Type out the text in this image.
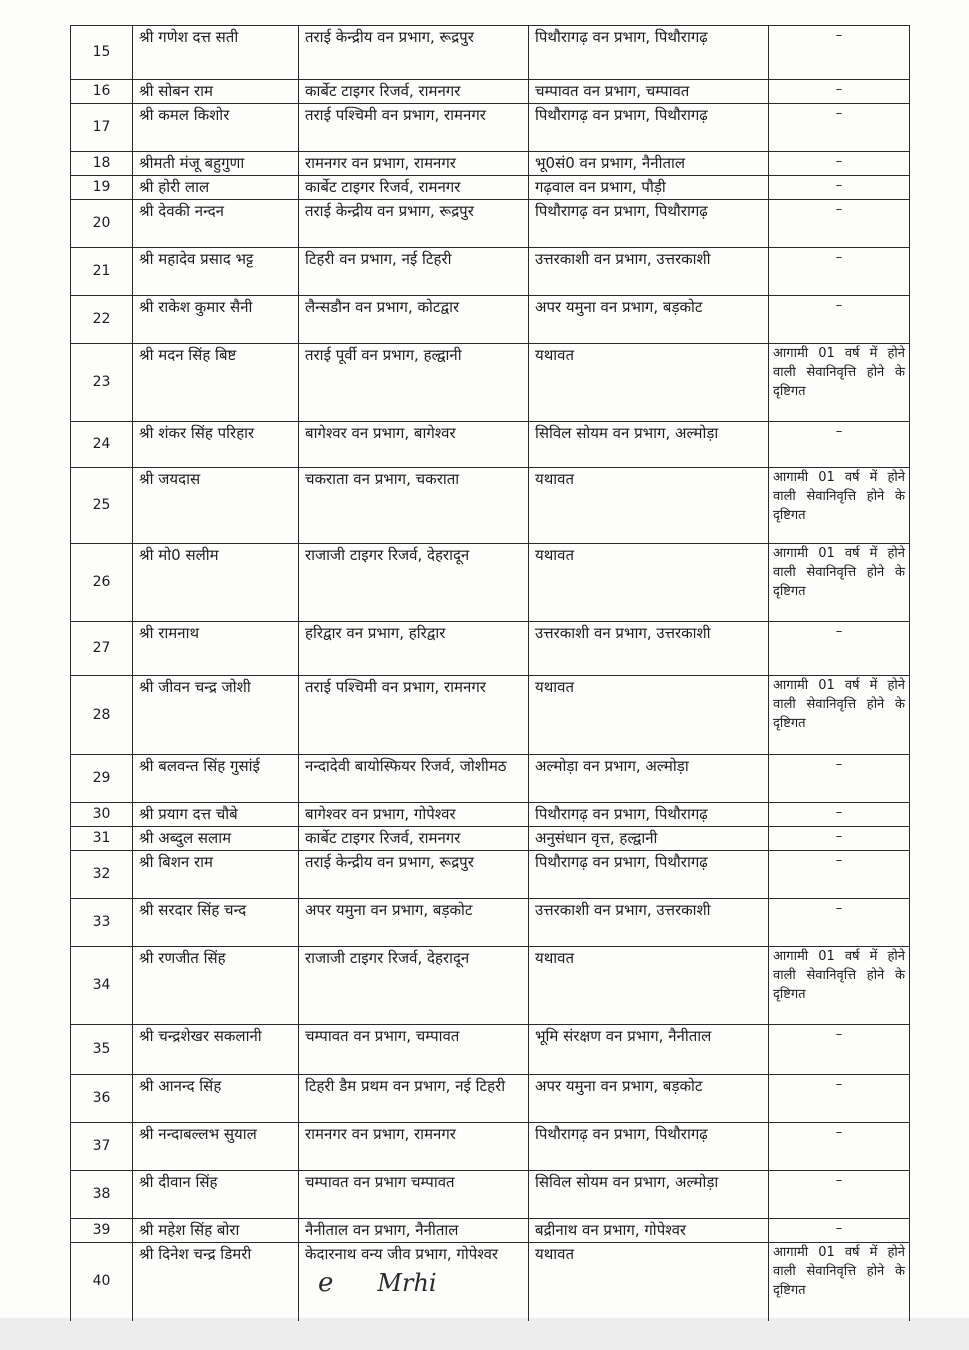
15	श्री गणेश दत्त सती	तराई केन्द्रीय वन प्रभाग, रूद्रपुर	पिथौरागढ़ वन प्रभाग, पिथौरागढ़	–
16	श्री सोबन राम	कार्बेट टाइगर रिजर्व, रामनगर	चम्पावत वन प्रभाग, चम्पावत	–
17	श्री कमल किशोर	तराई पश्चिमी वन प्रभाग, रामनगर	पिथौरागढ़ वन प्रभाग, पिथौरागढ़	–
18	श्रीमती मंजू बहुगुणा	रामनगर वन प्रभाग, रामनगर	भू0सं0 वन प्रभाग, नैनीताल	–
19	श्री होरी लाल	कार्बेट टाइगर रिजर्व, रामनगर	गढ़वाल वन प्रभाग, पौड़ी	–
20	श्री देवकी नन्दन	तराई केन्द्रीय वन प्रभाग, रूद्रपुर	पिथौरागढ़ वन प्रभाग, पिथौरागढ़	–
21	श्री महादेव प्रसाद भट्ट	टिहरी वन प्रभाग, नई टिहरी	उत्तरकाशी वन प्रभाग, उत्तरकाशी	–
22	श्री राकेश कुमार सैनी	लैन्सडौन वन प्रभाग, कोटद्वार	अपर यमुना वन प्रभाग, बड़कोट	–
23	श्री मदन सिंह बिष्ट	तराई पूर्वी वन प्रभाग, हल्द्वानी	यथावत	आगामी 01 वर्ष में होने वाली सेवानिवृत्ति होने के दृष्टिगत
24	श्री शंकर सिंह परिहार	बागेश्वर वन प्रभाग, बागेश्वर	सिविल सोयम वन प्रभाग, अल्मोड़ा	–
25	श्री जयदास	चकराता वन प्रभाग, चकराता	यथावत	आगामी 01 वर्ष में होने वाली सेवानिवृत्ति होने के दृष्टिगत
26	श्री मो0 सलीम	राजाजी टाइगर रिजर्व, देहरादून	यथावत	आगामी 01 वर्ष में होने वाली सेवानिवृत्ति होने के दृष्टिगत
27	श्री रामनाथ	हरिद्वार वन प्रभाग, हरिद्वार	उत्तरकाशी वन प्रभाग, उत्तरकाशी	–
28	श्री जीवन चन्द्र जोशी	तराई पश्चिमी वन प्रभाग, रामनगर	यथावत	आगामी 01 वर्ष में होने वाली सेवानिवृत्ति होने के दृष्टिगत
29	श्री बलवन्त सिंह गुसांई	नन्दादेवी बायोस्फियर रिजर्व, जोशीमठ	अल्मोड़ा वन प्रभाग, अल्मोड़ा	–
30	श्री प्रयाग दत्त चौबे	बागेश्वर वन प्रभाग, गोपेश्वर	पिथौरागढ़ वन प्रभाग, पिथौरागढ़	–
31	श्री अब्दुल सलाम	कार्बेट टाइगर रिजर्व, रामनगर	अनुसंधान वृत्त, हल्द्वानी	–
32	श्री बिशन राम	तराई केन्द्रीय वन प्रभाग, रूद्रपुर	पिथौरागढ़ वन प्रभाग, पिथौरागढ़	–
33	श्री सरदार सिंह चन्द	अपर यमुना वन प्रभाग, बड़कोट	उत्तरकाशी वन प्रभाग, उत्तरकाशी	–
34	श्री रणजीत सिंह	राजाजी टाइगर रिजर्व, देहरादून	यथावत	आगामी 01 वर्ष में होने वाली सेवानिवृत्ति होने के दृष्टिगत
35	श्री चन्द्रशेखर सकलानी	चम्पावत वन प्रभाग, चम्पावत	भूमि संरक्षण वन प्रभाग, नैनीताल	–
36	श्री आनन्द सिंह	टिहरी डैम प्रथम वन प्रभाग, नई टिहरी	अपर यमुना वन प्रभाग, बड़कोट	–
37	श्री नन्दाबल्लभ सुयाल	रामनगर वन प्रभाग, रामनगर	पिथौरागढ़ वन प्रभाग, पिथौरागढ़	–
38	श्री दीवान सिंह	चम्पावत वन प्रभाग चम्पावत	सिविल सोयम वन प्रभाग, अल्मोड़ा	–
39	श्री महेश सिंह बोरा	नैनीताल वन प्रभाग, नैनीताल	बद्रीनाथ वन प्रभाग, गोपेश्वर	–
40	श्री दिनेश चन्द्र डिमरी	केदारनाथ वन्य जीव प्रभाग, गोपेश्वर	यथावत	आगामी 01 वर्ष में होने वाली सेवानिवृत्ति होने के दृष्टिगत
e Mrhi
